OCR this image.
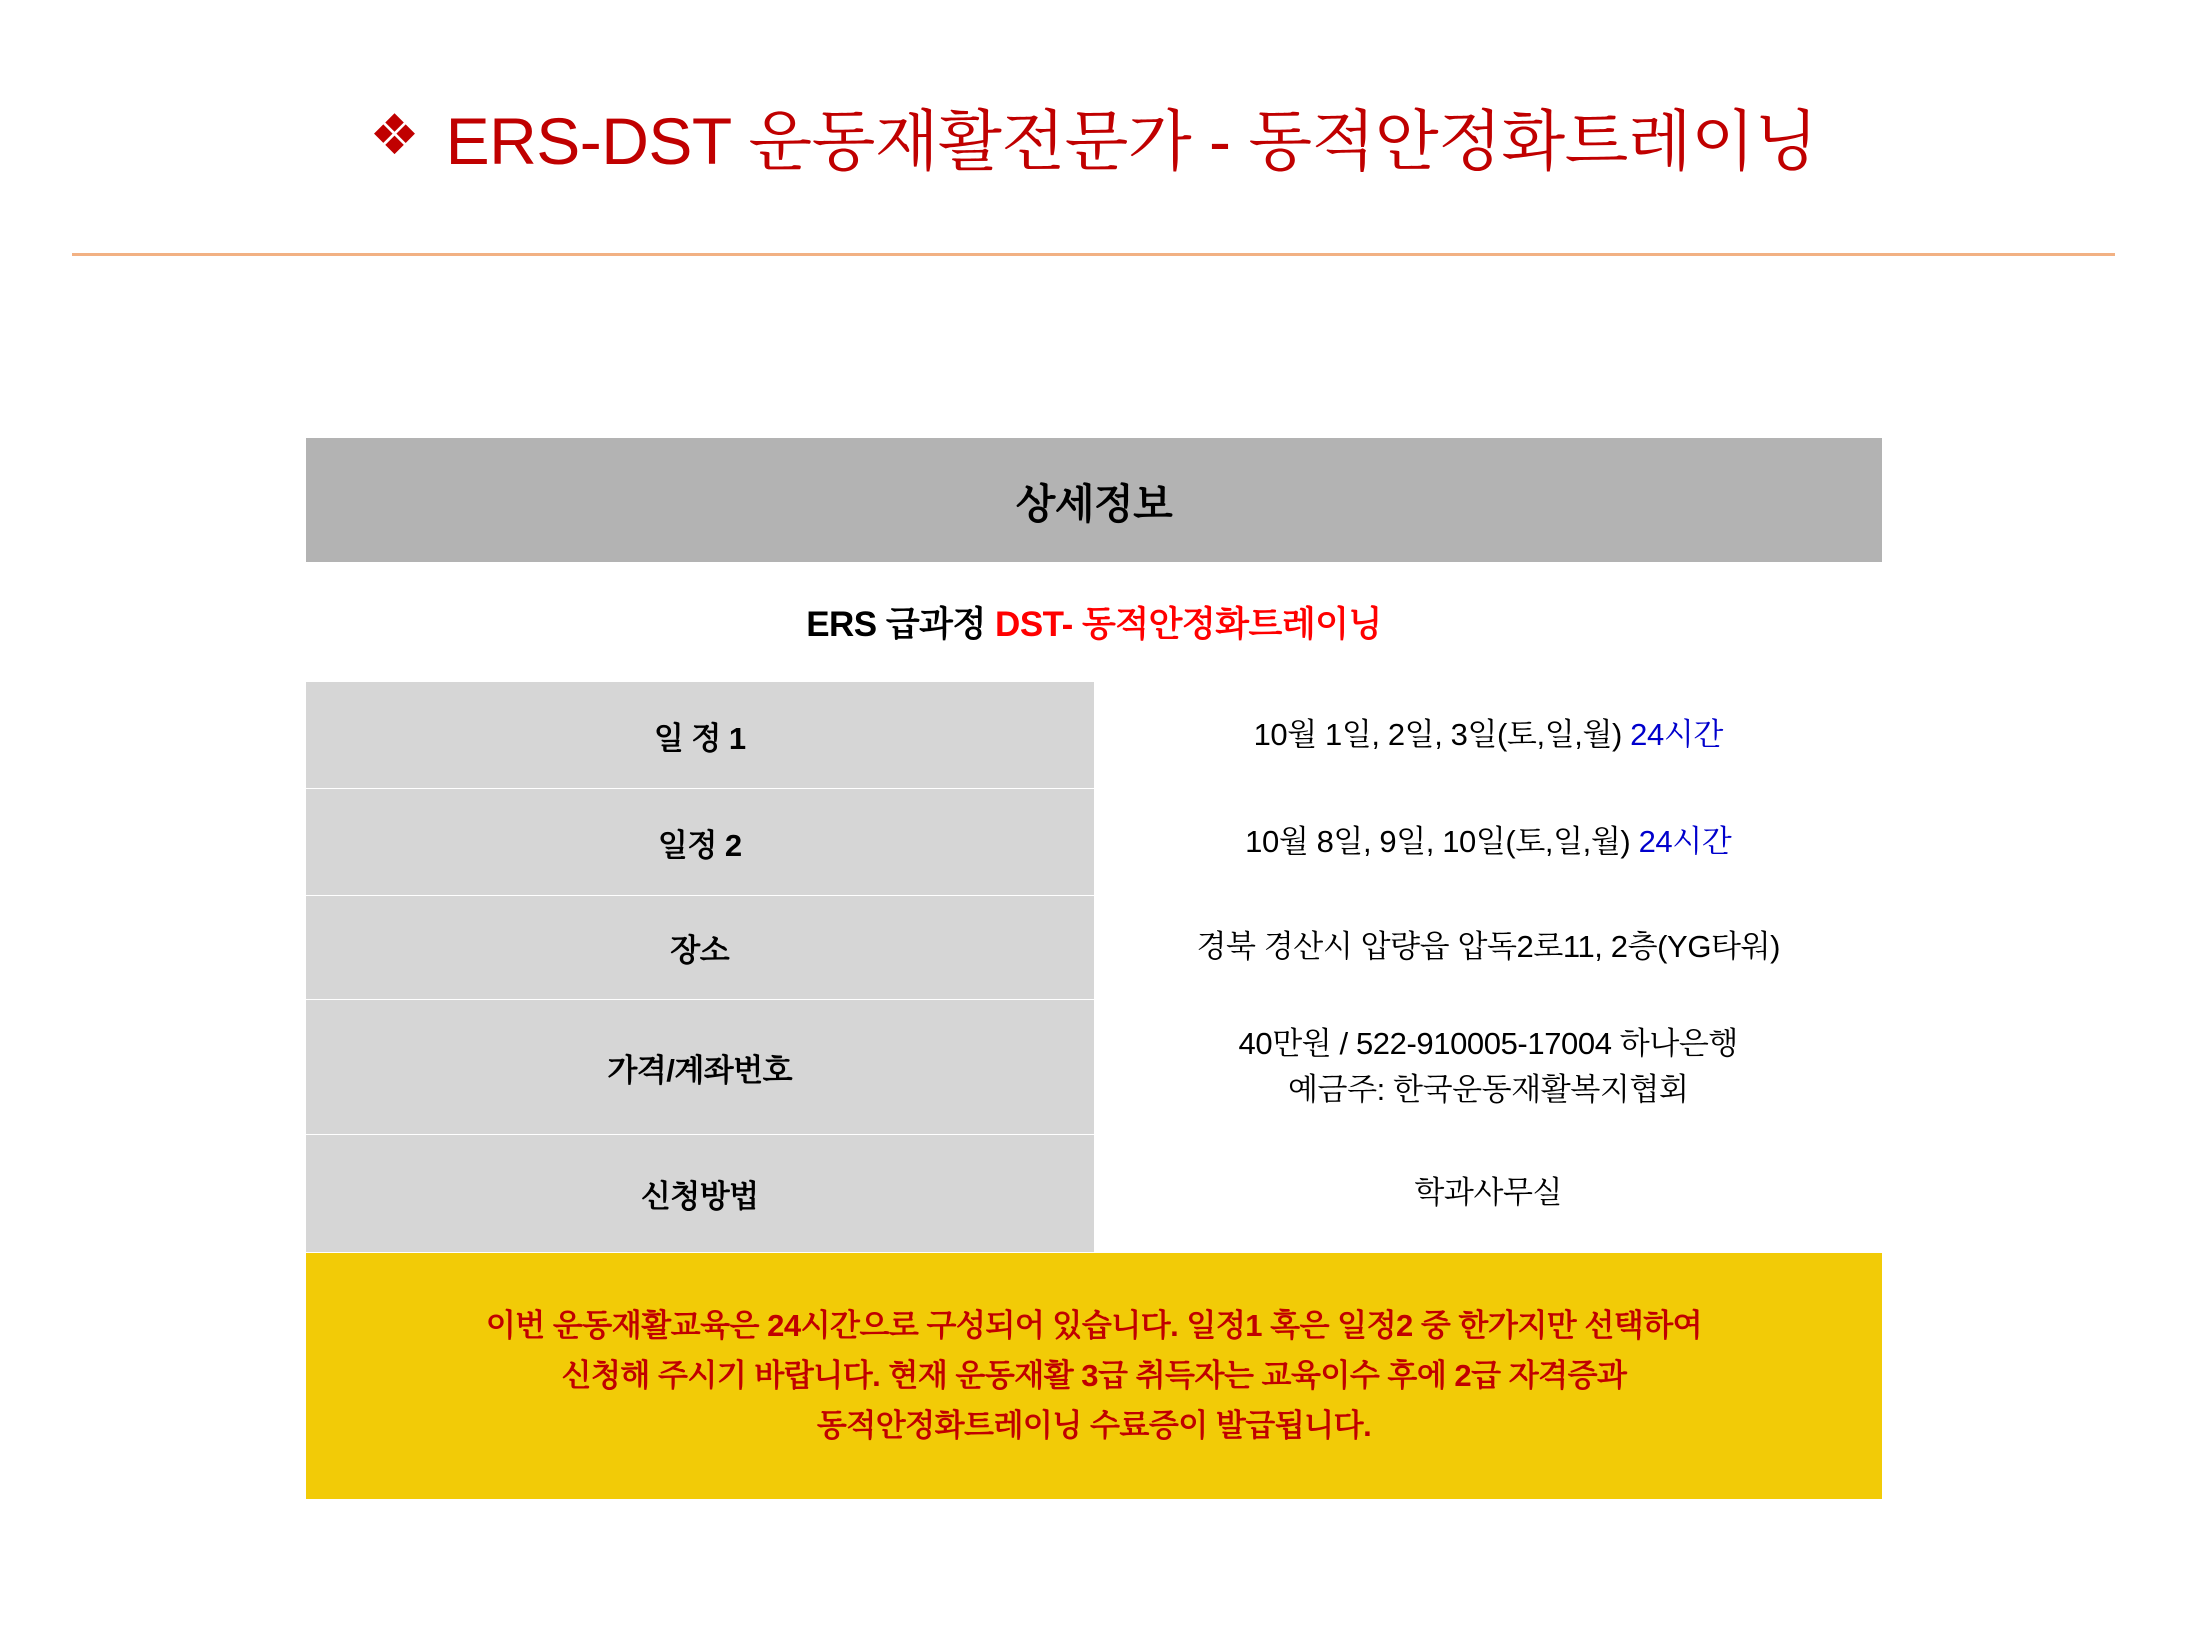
❖ ERS-DST 운동재활전문가 - 동적안정화트레이닝
상세정보	
ERS 급과정 DST- 동적안정화트레이닝	
일 정 1	10월 1일, 2일, 3일(토,일,월) 24시간
일정 2	10월 8일, 9일, 10일(토,일,월) 24시간
장소	경북 경산시 압량읍 압독2로11, 2층(YG타워)
가격/계좌번호	40만원 / 522-910005-17004 하나은행
예금주: 한국운동재활복지협회

신청방법	학과사무실

이번 운동재활교육은 24시간으로 구성되어 있습니다. 일정1 혹은 일정2 중 한가지만 선택하여
신청해 주시기 바랍니다. 현재 운동재활 3급 취득자는 교육이수 후에 2급 자격증과
동적안정화트레이닝 수료증이 발급됩니다.	
